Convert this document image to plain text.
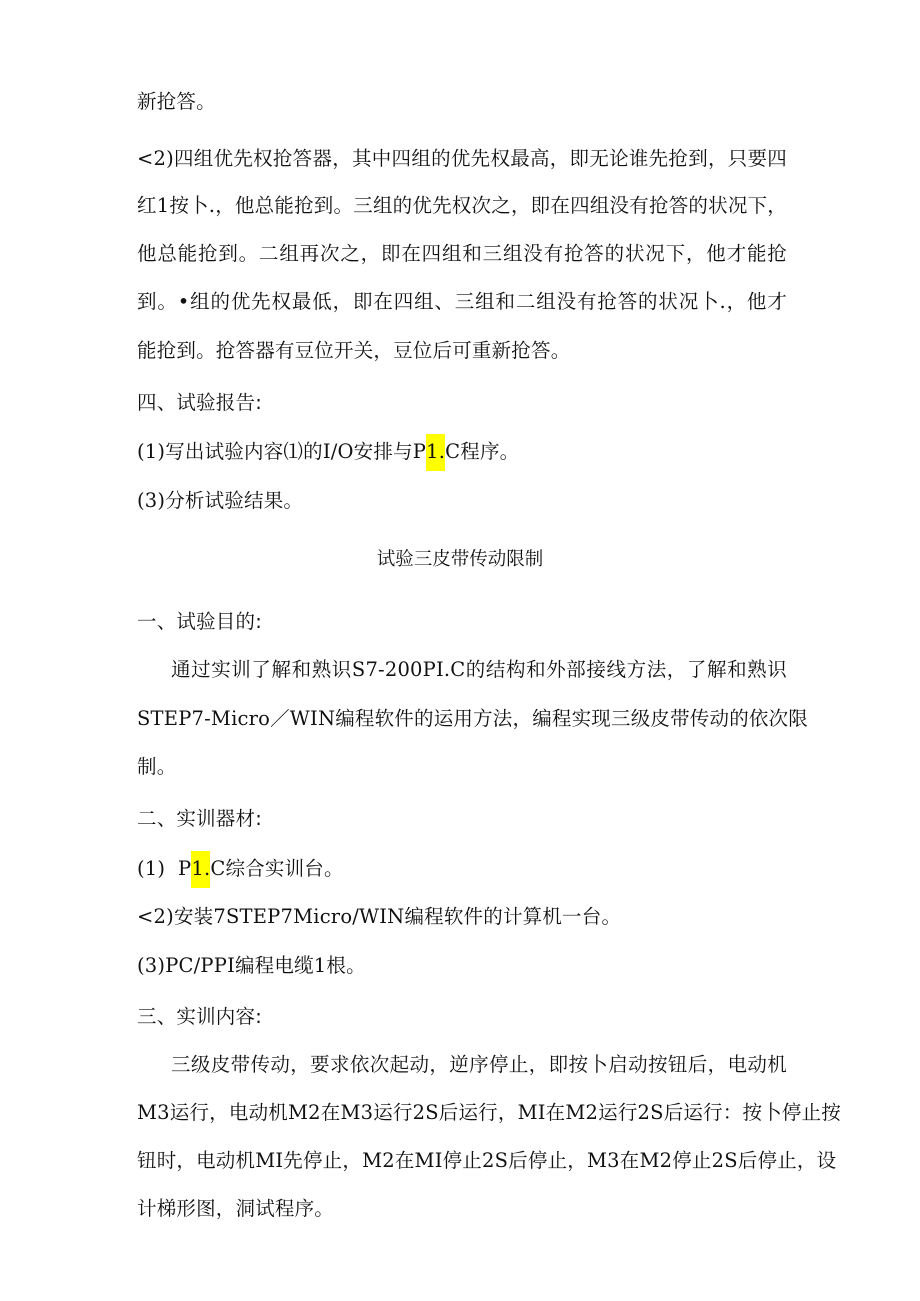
新抢答。
<2)四组优先权抢答器，其中四组的优先权最高，即无论谁先抢到，只要四
红1按卜.，他总能抢到。三组的优先权次之，即在四组没有抢答的状况下，
他总能抢到。二组再次之，即在四组和三组没有抢答的状况下，他才能抢
到。•组的优先权最低，即在四组、三组和二组没有抢答的状况卜.，他才
能抢到。抢答器有豆位开关，豆位后可重新抢答。
四、试验报告:
(1)写出试验内容⑴的I/O安排与P1.C程序。
(3)分析试验结果。
试验三皮带传动限制
一、试验目的:
通过实训了解和熟识S7-200PI.C的结构和外部接线方法，了解和熟识
STEP7-Micro／WIN编程软件的运用方法，编程实现三级皮带传动的依次限
制。
二、实训器材:
(1)  P1.C综合实训台。
<2)安装7STEP7Micro/WIN编程软件的计算机一台。
(3)PC/PPI编程电缆1根。
三、实训内容:
三级皮带传动，要求依次起动，逆序停止，即按卜启动按钮后，电动机
M3运行，电动机M2在M3运行2S后运行，MI在M2运行2S后运行：按卜停止按
钮时，电动机MI先停止，M2在MI停止2S后停止，M3在M2停止2S后停止，设
计梯形图，洞试程序。
